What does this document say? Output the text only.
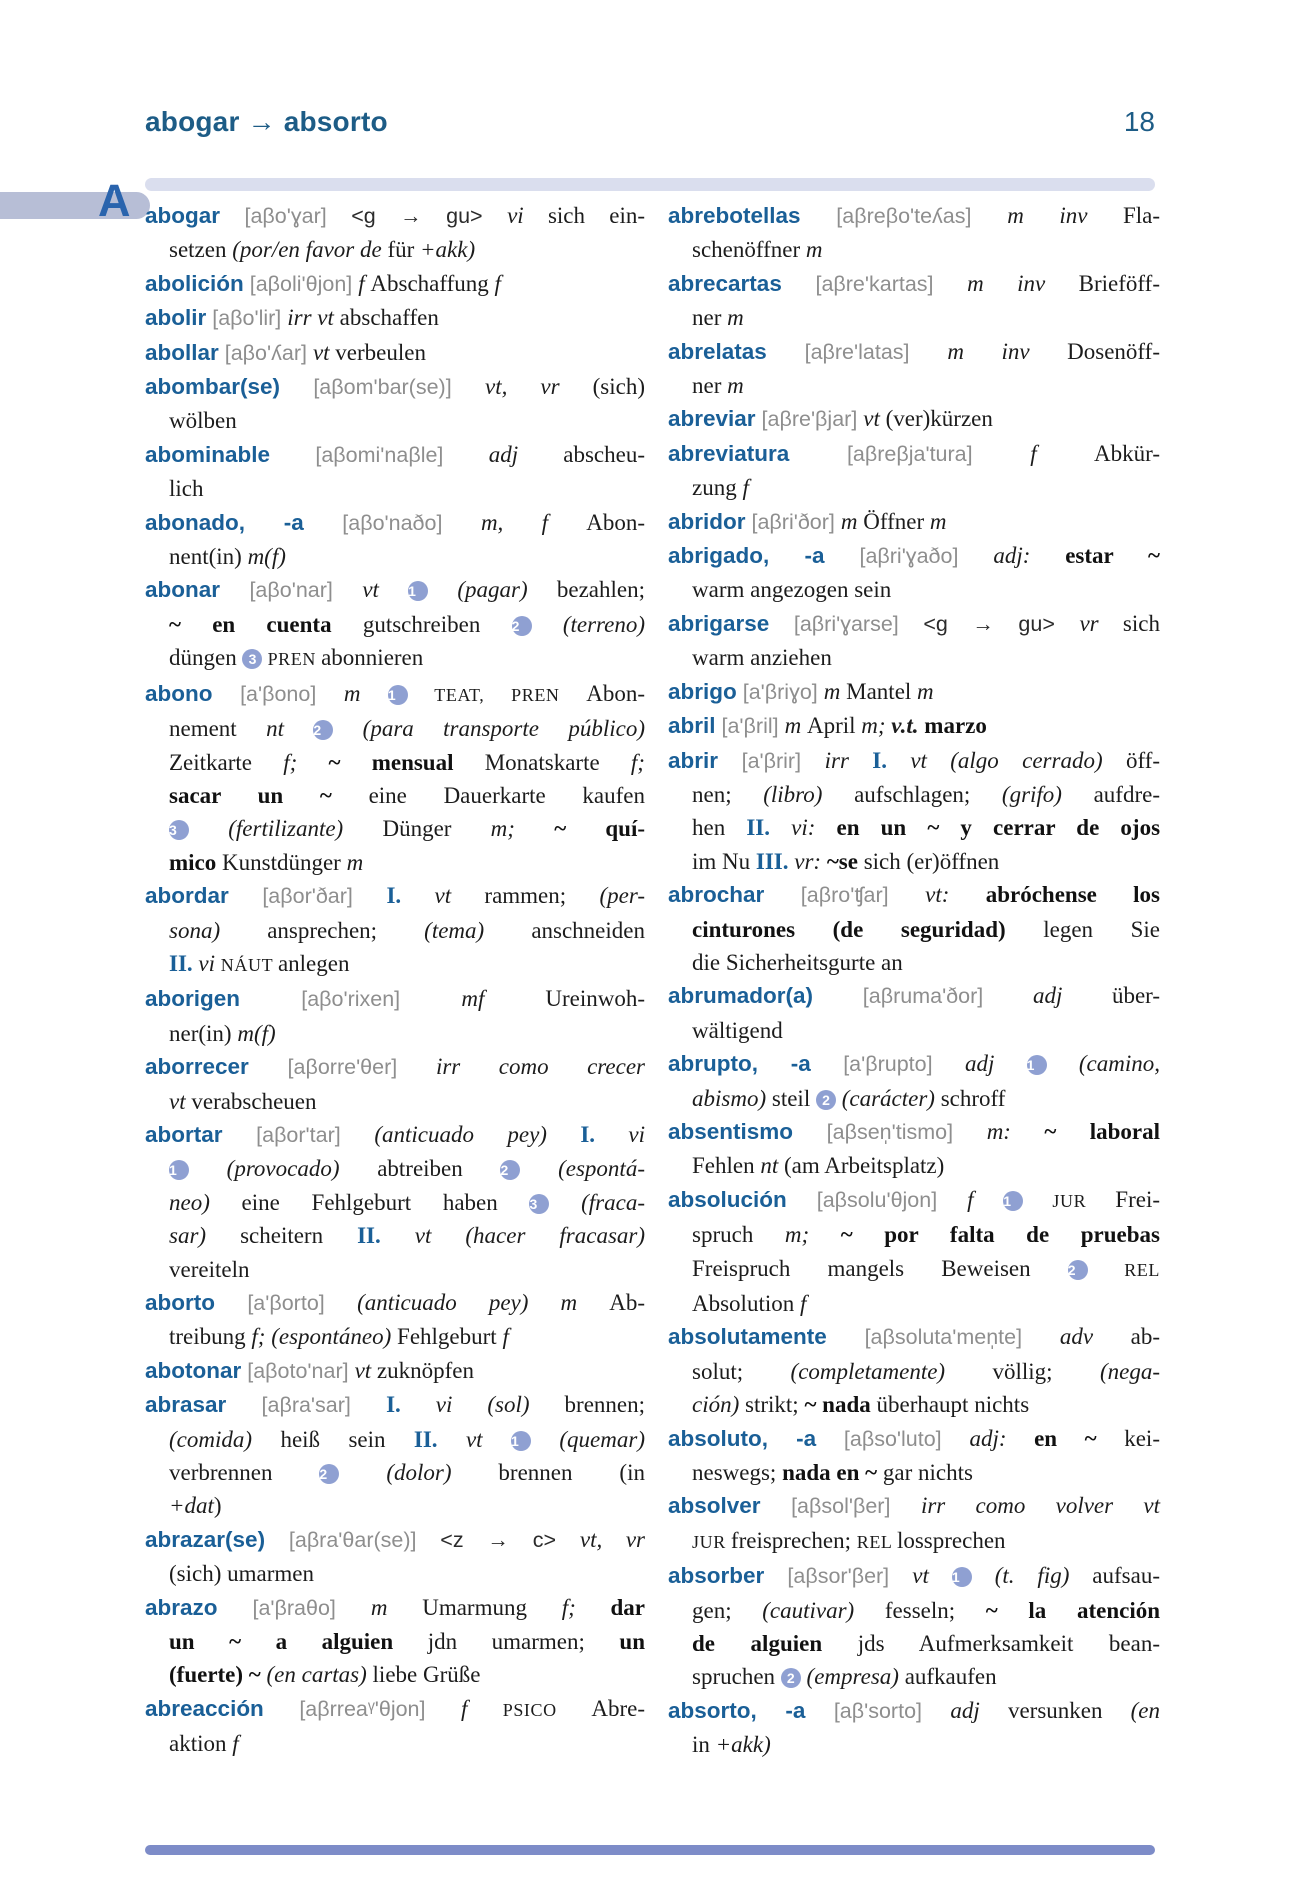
abogar → absorto	18
A abogar [aβo'ɣar] <g → gu> vi sich ein-
setzen (por/en favor de für +akk)
abolición [aβoli'θjon] f Abschaffung f
abolir [aβo'lir] irr vt abschaffen
abollar [aβo'ʎar] vt verbeulen
abombar(se) [aβom'bar(se)] vt, vr (sich)
wölben
abominable [aβomi'naβle] adj abscheu-
lich
abonado, -a [aβo'naðo] m, f Abon-
nent(in) m(f)
abonar [aβo'nar] vt 1 (pagar) bezahlen;
~ en cuenta gutschreiben 2 (terreno)
düngen 3 PREN abonnieren
abono [a'βono] m 1 TEAT, PREN Abon-
nement nt 2 (para transporte público)
Zeitkarte f; ~ mensual Monatskarte f;
sacar un ~ eine Dauerkarte kaufen
3 (fertilizante) Dünger m; ~ quí-
mico Kunstdünger m
abordar [aβor'ðar] I. vt rammen; (per-
sona) ansprechen; (tema) anschneiden
II. vi NÁUT anlegen
aborigen [aβo'rixen] mf Ureinwoh-
ner(in) m(f)
aborrecer [aβorre'θer] irr como crecer
vt verabscheuen
abortar [aβor'tar] (anticuado pey) I. vi
1 (provocado) abtreiben 2 (espontá-
neo) eine Fehlgeburt haben 3 (fraca-
sar) scheitern II. vt (hacer fracasar)
vereiteln
aborto [a'βorto] (anticuado pey) m Ab-
treibung f; (espontáneo) Fehlgeburt f
abotonar [aβoto'nar] vt zuknöpfen
abrasar [aβra'sar] I. vi (sol) brennen;
(comida) heiß sein II. vt 1 (quemar)
verbrennen 2 (dolor) brennen (in
+dat)
abrazar(se) [aβra'θar(se)] <z → c> vt, vr
(sich) umarmen
abrazo [a'βraθo] m Umarmung f; dar
un ~ a alguien jdn umarmen; un
(fuerte) ~ (en cartas) liebe Grüße
abreacción [aβrreaᵞ'θjon] f PSICO Abre-
aktion f
abrebotellas [aβreβo'teʎas] m inv Fla-
schenöffner m
abrecartas [aβre'kartas] m inv Brieföff-
ner m
abrelatas [aβre'latas] m inv Dosenöff-
ner m
abreviar [aβre'βjar] vt (ver)kürzen
abreviatura [aβreβja'tura] f Abkür-
zung f
abridor [aβri'ðor] m Öffner m
abrigado, -a [aβri'ɣaðo] adj: estar ~
warm angezogen sein
abrigarse [aβri'ɣarse] <g → gu> vr sich
warm anziehen
abrigo [a'βriɣo] m Mantel m
abril [a'βril] m April m; v.t. marzo
abrir [a'βrir] irr I. vt (algo cerrado) öff-
nen; (libro) aufschlagen; (grifo) aufdre-
hen II. vi: en un ~ y cerrar de ojos
im Nu III. vr: ~se sich (er)öffnen
abrochar [aβro'ʧar] vt: abróchense los
cinturones (de seguridad) legen Sie
die Sicherheitsgurte an
abrumador(a) [aβruma'ðor] adj über-
wältigend
abrupto, -a [a'βrupto] adj 1 (camino,
abismo) steil 2 (carácter) schroff
absentismo [aβsen̩'tismo] m: ~ laboral
Fehlen nt (am Arbeitsplatz)
absolución [aβsolu'θjon] f 1 JUR Frei-
spruch m; ~ por falta de pruebas
Freispruch mangels Beweisen 2 REL
Absolution f
absolutamente [aβsoluta'men̩te] adv ab-
solut; (completamente) völlig; (nega-
ción) strikt; ~ nada überhaupt nichts
absoluto, -a [aβso'luto] adj: en ~ kei-
neswegs; nada en ~ gar nichts
absolver [aβsol'βer] irr como volver vt
JUR freisprechen; REL lossprechen
absorber [aβsor'βer] vt 1 (t. fig) aufsau-
gen; (cautivar) fesseln; ~ la atención
de alguien jds Aufmerksamkeit bean-
spruchen 2 (empresa) aufkaufen
absorto, -a [aβ'sorto] adj versunken (en
in +akk)
